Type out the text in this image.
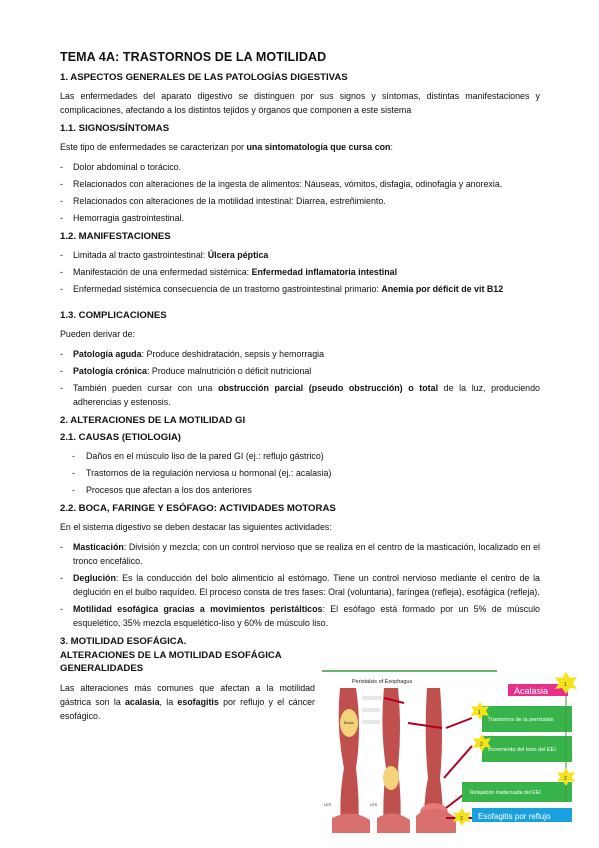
TEMA 4A: TRASTORNOS DE LA MOTILIDAD
1. ASPECTOS GENERALES DE LAS PATOLOGÍAS DIGESTIVAS

Las enfermedades del aparato digestivo se distinguen por sus signos y síntomas, distintas manifestaciones y complicaciones, afectando a los distintos tejidos y órganos que componen a este sistema

1.1. SIGNOS/SÍNTOMAS

Este tipo de enfermedades se caracterizan por una sintomatología que cursa con:

- Dolor abdominal o torácico.
- Relacionados con alteraciones de la ingesta de alimentos: Náuseas, vómitos, disfagia, odinofagia y anorexia.
- Relacionados con alteraciones de la motilidad intestinal: Diarrea, estreñimiento.
- Hemorragia gastrointestinal.
1.2. MANIFESTACIONES
- Limitada al tracto gastrointestinal: Úlcera péptica
- Manifestación de una enfermedad sistémica: Enfermedad inflamatoria intestinal
- Enfermedad sistémica consecuencia de un trastorno gastrointestinal primario: Anemia por déficit de vit B12
1.3. COMPLICACIONES

Pueden derivar de:

- Patología aguda: Produce deshidratación, sepsis y hemorragia
- Patología crónica: Produce malnutrición o déficit nutricional
- También pueden cursar con una obstrucción parcial (pseudo obstrucción) o total de la luz, produciendo adherencias y estenosis.
2. ALTERACIONES DE LA MOTILIDAD GI
2.1. CAUSAS (ETIOLOGIA)
- Daños en el músculo liso de la pared GI (ej.: reflujo gástrico)
- Trastornos de la regulación nerviosa u hormonal (ej.: acalasia)
- Procesos que afectan a los dos anteriores
2.2. BOCA, FARINGE Y ESÓFAGO: ACTIVIDADES MOTORAS

En el sistema digestivo se deben destacar las siguientes actividades:

- Masticación: División y mezcla; con un control nervioso que se realiza en el centro de la masticación, localizado en el tronco encefálico.
- Deglución: Es la conducción del bolo alimenticio al estómago. Tiene un control nervioso mediante el centro de la deglución en el bulbo raquídeo. El proceso consta de tres fases: Oral (voluntaria), faríngea (refleja), esofágica (refleja).
- Motilidad esofágica gracias a movimientos peristálticos: El esófago está formado por un 5% de músculo esquelético, 35% mezcla esquelético-liso y 60% de músculo liso.
3. MOTILIDAD ESOFÁGICA.
ALTERACIONES DE LA MOTILIDAD ESOFÁGICA GENERALIDADES

Las alteraciones más comunes que afectan a la motilidad gástrica son la acalasia, la esofagitis por reflujo y el cáncer esofágico.

Peristalsis of Esophagus
Bolus
LES	LES
Acalasia
Trastornos de la peristalsis
Incremento del tono del EEI
Relajación inadecuada del EEI
Esofagitis por reflujo
1
1
2
2
3
